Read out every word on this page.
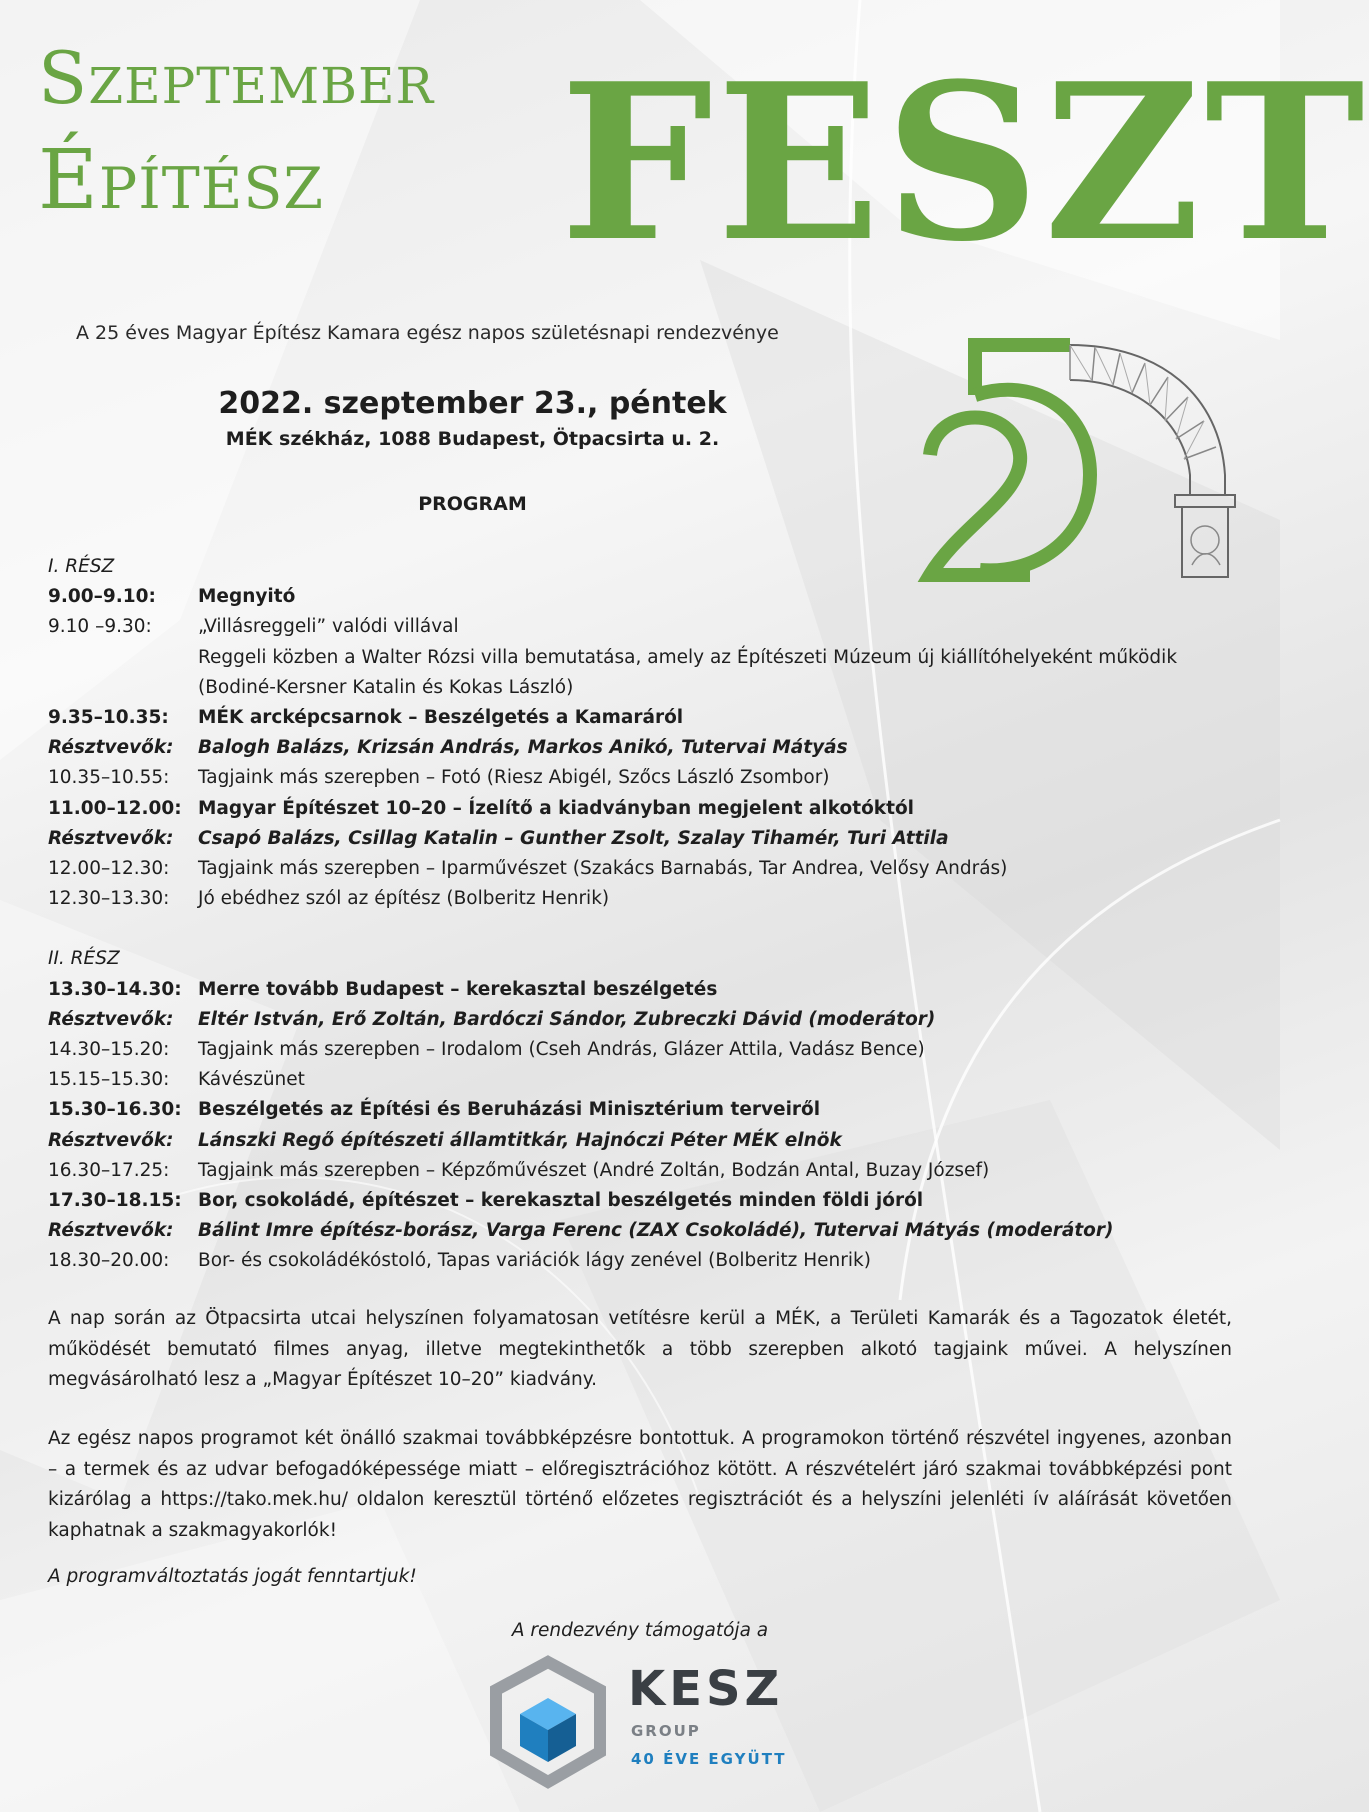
Szeptember
Építész FESZT
A 25 éves Magyar Építész Kamara egész napos születésnapi rendezvénye
2022. szeptember 23., péntek
MÉK székház, 1088 Budapest, Ötpacsirta u. 2.
PROGRAM
I. RÉSZ
9.00–9.10:	Megnyitó
9.10 –9.30:	„Villásreggeli” valódi villával
Reggeli közben a Walter Rózsi villa bemutatása, amely az Építészeti Múzeum új kiállítóhelyeként működik
(Bodiné-Kersner Katalin és Kokas László)
9.35–10.35:	MÉK arcképcsarnok – Beszélgetés a Kamaráról
Résztvevők:	Balogh Balázs, Krizsán András, Markos Anikó, Tutervai Mátyás
10.35–10.55:	Tagjaink más szerepben – Fotó (Riesz Abigél, Szőcs László Zsombor)
11.00–12.00: Magyar Építészet 10–20 – Ízelítő a kiadványban megjelent alkotóktól
Résztvevők:	Csapó Balázs, Csillag Katalin – Gunther Zsolt, Szalay Tihamér, Turi Attila
12.00–12.30:	Tagjaink más szerepben – Iparművészet (Szakács Barnabás, Tar Andrea, Velősy András)
12.30–13.30:	Jó ebédhez szól az építész (Bolberitz Henrik)
II. RÉSZ
13.30–14.30: Merre tovább Budapest – kerekasztal beszélgetés
Résztvevők:	Eltér István, Erő Zoltán, Bardóczi Sándor, Zubreczki Dávid (moderátor)
14.30–15.20:	Tagjaink más szerepben – Irodalom (Cseh András, Glázer Attila, Vadász Bence)
15.15–15.30:	Kávészünet
15.30–16.30: Beszélgetés az Építési és Beruházási Minisztérium terveiről
Résztvevők:	Lánszki Regő építészeti államtitkár, Hajnóczi Péter MÉK elnök
16.30–17.25:	Tagjaink más szerepben – Képzőművészet (André Zoltán, Bodzán Antal, Buzay József)
17.30–18.15: Bor, csokoládé, építészet – kerekasztal beszélgetés minden földi jóról
Résztvevők:	Bálint Imre építész-borász, Varga Ferenc (ZAX Csokoládé), Tutervai Mátyás (moderátor)
18.30–20.00:	Bor- és csokoládékóstoló, Tapas variációk lágy zenével (Bolberitz Henrik)
A nap során az Ötpacsirta utcai helyszínen folyamatosan vetítésre kerül a MÉK, a Területi Kamarák és a Tagozatok életét, működését bemutató filmes anyag, illetve megtekinthetők a több szerepben alkotó tagjaink művei. A helyszínen megvásárolható lesz a „Magyar Építészet 10–20” kiadvány.
Az egész napos programot két önálló szakmai továbbképzésre bontottuk. A programokon történő részvétel ingyenes, azonban – a termek és az udvar befogadóképessége miatt – előregisztrációhoz kötött. A részvételért járó szakmai továbbképzési pont kizárólag a https://tako.mek.hu/ oldalon keresztül történő előzetes regisztrációt és a helyszíni jelenléti ív aláírását követően kaphatnak a szakmagyakorlók!
A programváltoztatás jogát fenntartjuk!
A rendezvény támogatója a
KESZ
GROUP
40 ÉVE EGYÜTT
